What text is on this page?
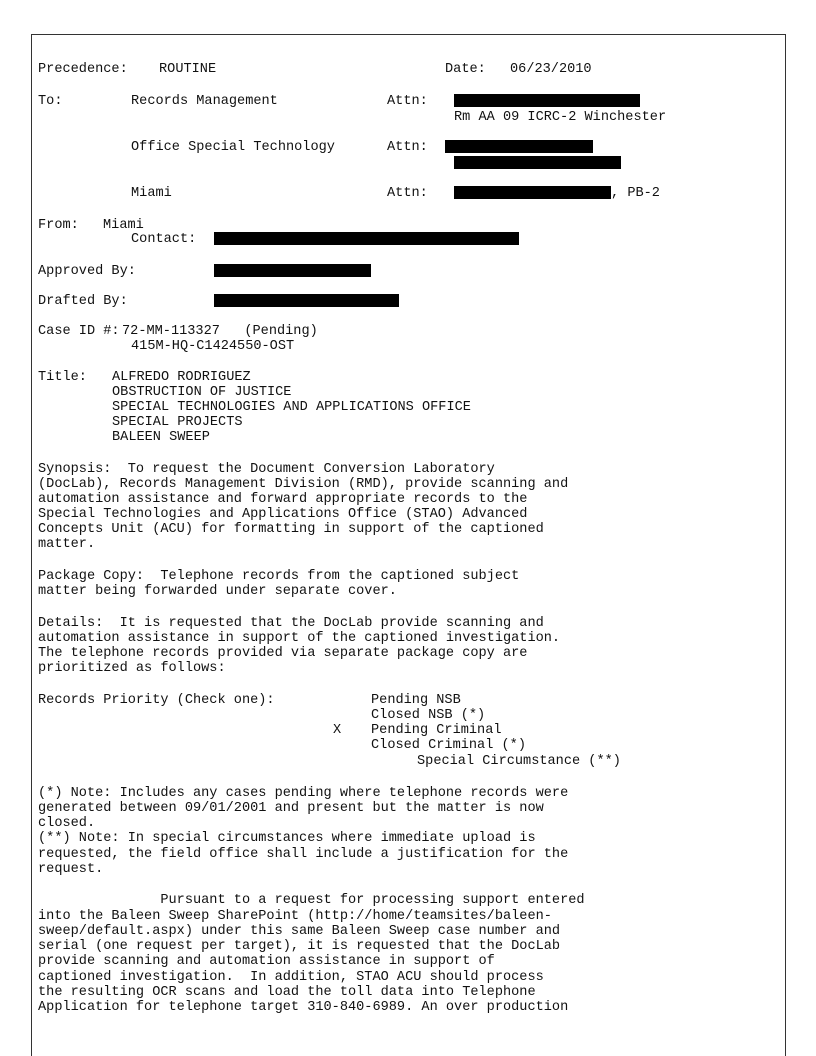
Precedence: ROUTINE	Date: 06/23/2010
To:	Records Management	Attn:
Rm AA 09 ICRC-2 Winchester
Office Special Technology	Attn:
Miami	Attn:	, PB-2
From: Miami
Contact:
Approved By:
Drafted By:
Case ID #: 72-MM-113327   (Pending)
415M-HQ-C1424550-OST
Title: ALFREDO RODRIGUEZ
OBSTRUCTION OF JUSTICE
SPECIAL TECHNOLOGIES AND APPLICATIONS OFFICE
SPECIAL PROJECTS
BALEEN SWEEP
Synopsis:  To request the Document Conversion Laboratory
(DocLab), Records Management Division (RMD), provide scanning and
automation assistance and forward appropriate records to the
Special Technologies and Applications Office (STAO) Advanced
Concepts Unit (ACU) for formatting in support of the captioned
matter.
Package Copy:  Telephone records from the captioned subject
matter being forwarded under separate cover.
Details:  It is requested that the DocLab provide scanning and
automation assistance in support of the captioned investigation.
The telephone records provided via separate package copy are
prioritized as follows:
Records Priority (Check one):	Pending NSB
Closed NSB (*)
X Pending Criminal
Closed Criminal (*)
Special Circumstance (**)
(*) Note: Includes any cases pending where telephone records were
generated between 09/01/2001 and present but the matter is now
closed.
(**) Note: In special circumstances where immediate upload is
requested, the field office shall include a justification for the
request.
Pursuant to a request for processing support entered
into the Baleen Sweep SharePoint (http://home/teamsites/baleen-
sweep/default.aspx) under this same Baleen Sweep case number and
serial (one request per target), it is requested that the DocLab
provide scanning and automation assistance in support of
captioned investigation.  In addition, STAO ACU should process
the resulting OCR scans and load the toll data into Telephone
Application for telephone target 310-840-6989. An over production
